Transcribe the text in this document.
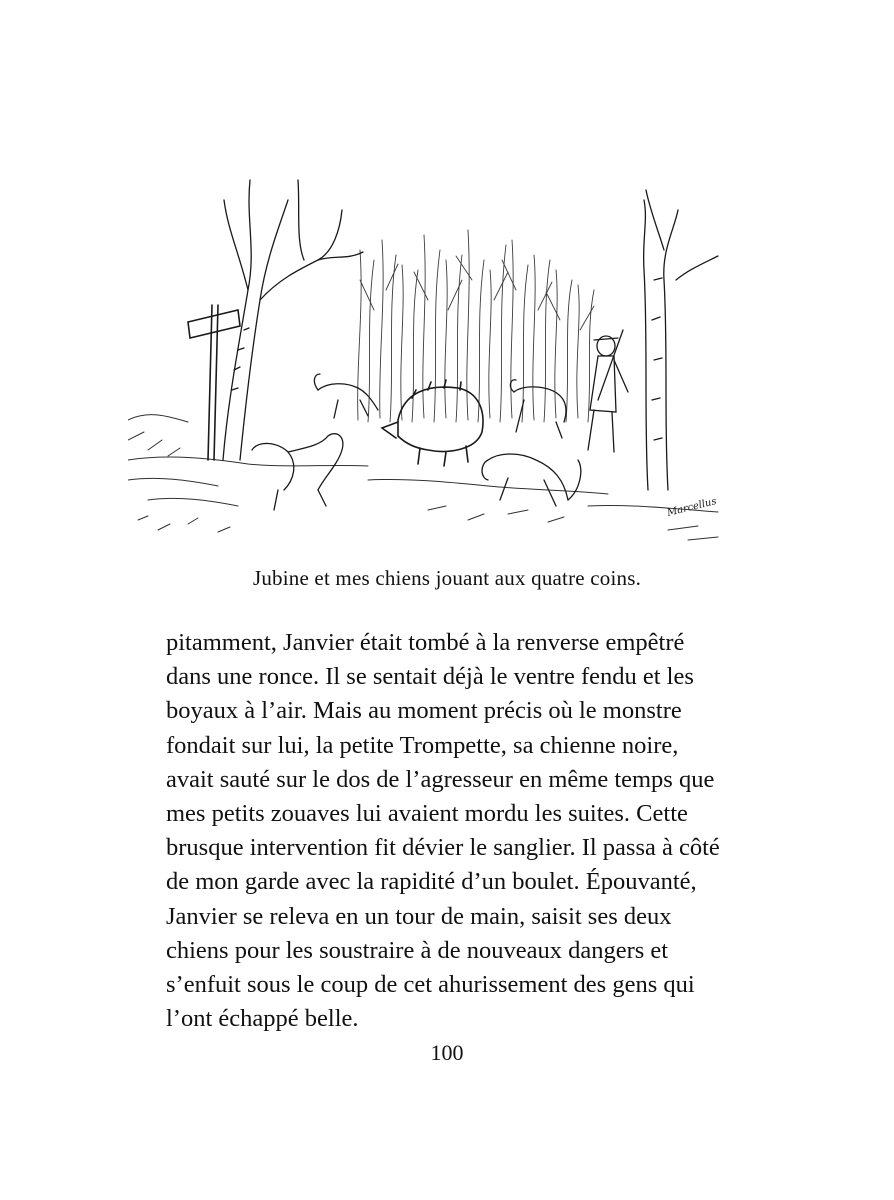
Marcellus
Jubine et mes chiens jouant aux quatre coins.
pitamment, Janvier était tombé à la renverse empêtré
dans une ronce. Il se sentait déjà le ventre fendu et les
boyaux à l’air. Mais au moment précis où le monstre
fondait sur lui, la petite Trompette, sa chienne noire,
avait sauté sur le dos de l’agresseur en même temps que
mes petits zouaves lui avaient mordu les suites. Cette
brusque intervention fit dévier le sanglier. Il passa à côté
de mon garde avec la rapidité d’un boulet. Épouvanté,
Janvier se releva en un tour de main, saisit ses deux
chiens pour les soustraire à de nouveaux dangers et
s’enfuit sous le coup de cet ahurissement des gens qui
l’ont échappé belle.
100
